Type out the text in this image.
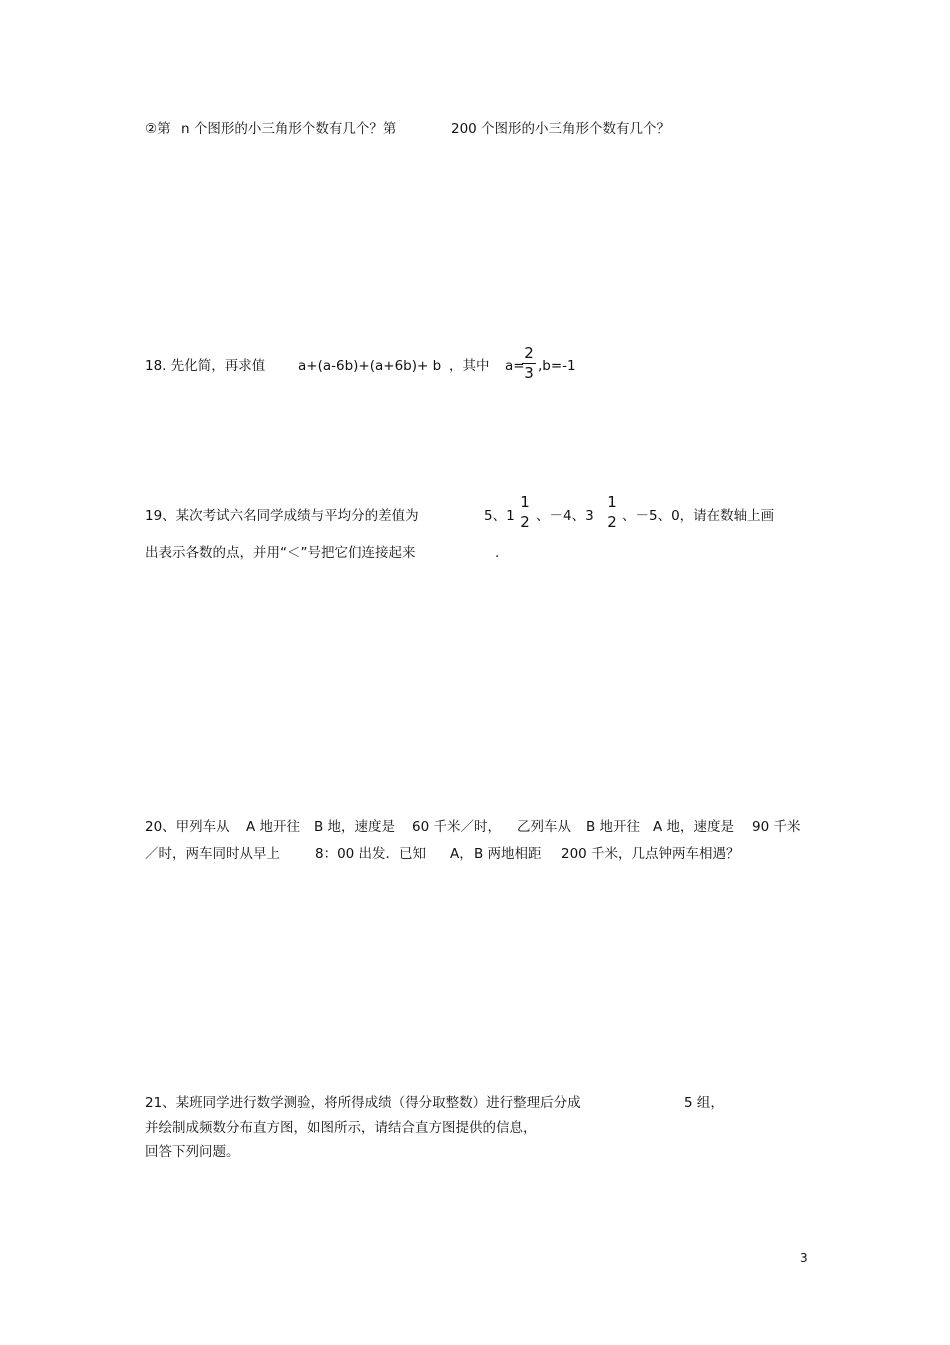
②第 n 个图形的小三角形个数有几个？第	200 个图形的小三角形个数有几个？
18. 先化简，再求值 a+(a-6b)+(a+6b)+ b ，其中 a=
2
3 ,b=-1
19、某次考试六名同学成绩与平均分的差值为	5、1
1
2 、－4、3
1
2 、－5、0，请在数轴上画
出表示各数的点，并用“＜”号把它们连接起来	.
20、甲列车从 A 地开往 B 地，速度是 60 千米／时， 乙列车从 B 地开往 A 地，速度是 90 千米
／时，两车同时从早上	8：00 出发．已知 A， B 两地相距 200 千米，几点钟两车相遇？
21、某班同学进行数学测验，将所得成绩（得分取整数）进行整理后分成	5 组，
并绘制成频数分布直方图，如图所示，请结合直方图提供的信息，
回答下列问题。
3
